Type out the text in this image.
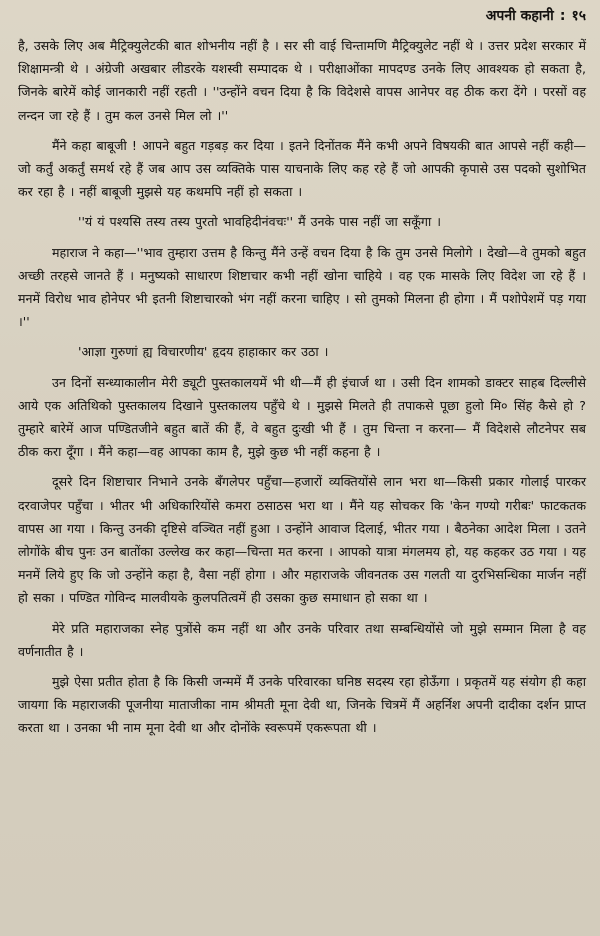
अपनी कहानी : १५

है, उसके लिए अब मैट्रिक्युलेटकी बात शोभनीय नहीं है । सर सी वाई चिन्तामणि मैट्रिक्युलेट नहीं थे । उत्तर प्रदेश सरकार में शिक्षामन्त्री थे । अंग्रेजी अखबार लीडरके यशस्वी सम्पादक थे । परीक्षाओंका मापदण्ड उनके लिए आवश्यक हो सकता है, जिनके बारेमें कोई जानकारी नहीं रहती । ''उन्होंने वचन दिया है कि विदेशसे वापस आनेपर वह ठीक करा देंगे । परसों वह लन्दन जा रहे हैं । तुम कल उनसे मिल लो ।''

मैंने कहा बाबूजी ! आपने बहुत गड़बड़ कर दिया । इतने दिनोंतक मैंने कभी अपने विषयकी बात आपसे नहीं कही—जो कर्तुं अकर्तुं समर्थ रहे हैं जब आप उस व्यक्तिके पास याचनाके लिए कह रहे हैं जो आपकी कृपासे उस पदको सुशोभित कर रहा है । नहीं बाबूजी मुझसे यह कथमपि नहीं हो सकता ।

''यं यं पश्यसि तस्य तस्य पुरतो भावहिदीनंवचः'' मैं उनके पास नहीं जा सकूँगा ।

महाराज ने कहा—''भाव तुम्हारा उत्तम है किन्तु मैंने उन्हें वचन दिया है कि तुम उनसे मिलोगे । देखो—वे तुमको बहुत अच्छी तरहसे जानते हैं । मनुष्यको साधारण शिष्टाचार कभी नहीं खोना चाहिये । वह एक मासके लिए विदेश जा रहे हैं । मनमें विरोध भाव होनेपर भी इतनी शिष्टाचारको भंग नहीं करना चाहिए । सो तुमको मिलना ही होगा । मैं पशोपेशमें पड़ गया ।''

'आज्ञा गुरुणां ह्य विचारणीय' हृदय हाहाकार कर उठा ।

उन दिनों सन्ध्याकालीन मेरी ड्यूटी पुस्तकालयमें भी थी—मैं ही इंचार्ज था । उसी दिन शामको डाक्टर साहब दिल्लीसे आये एक अतिथिको पुस्तकालय दिखाने पुस्तकालय पहुँचे थे । मुझसे मिलते ही तपाकसे पूछा हुलो मि० सिंह कैसे हो ? तुम्हारे बारेमें आज पण्डितजीने बहुत बातें की हैं, वे बहुत दुःखी भी हैं । तुम चिन्ता न करना— मैं विदेशसे लौटनेपर सब ठीक करा दूँगा । मैंने कहा—वह आपका काम है, मुझे कुछ भी नहीं कहना है ।

दूसरे दिन शिष्टाचार निभाने उनके बँगलेपर पहुँचा—हजारों व्यक्तियोंसे लान भरा था—किसी प्रकार गोलाई पारकर दरवाजेपर पहुँचा । भीतर भी अधिकारियोंसे कमरा ठसाठस भरा था । मैंने यह सोचकर कि 'केन गण्यो गरीबः' फाटकतक वापस आ गया । किन्तु उनकी दृष्टिसे वञ्चित नहीं हुआ । उन्होंने आवाज दिलाई, भीतर गया । बैठनेका आदेश मिला । उतने लोगोंके बीच पुनः उन बातोंका उल्लेख कर कहा—चिन्ता मत करना । आपको यात्रा मंगलमय हो, यह कहकर उठ गया । यह मनमें लिये हुए कि जो उन्होंने कहा है, वैसा नहीं होगा । और महाराजके जीवनतक उस गलती या दुरभिसन्धिका मार्जन नहीं हो सका । पण्डित गोविन्द मालवीयके कुलपतित्वमें ही उसका कुछ समाधान हो सका था ।

मेरे प्रति महाराजका स्नेह पुत्रोंसे कम नहीं था और उनके परिवार तथा सम्बन्धियोंसे जो मुझे सम्मान मिला है वह वर्णनातीत है ।

मुझे ऐसा प्रतीत होता है कि किसी जन्ममें मैं उनके परिवारका घनिष्ठ सदस्य रहा होऊँगा । प्रकृतमें यह संयोग ही कहा जायगा कि महाराजकी पूजनीया माताजीका नाम श्रीमती मूना देवी था, जिनके चित्रमें मैं अहर्निश अपनी दादीका दर्शन प्राप्त करता था । उनका भी नाम मूना देवी था और दोनोंके स्वरूपमें एकरूपता थी ।
